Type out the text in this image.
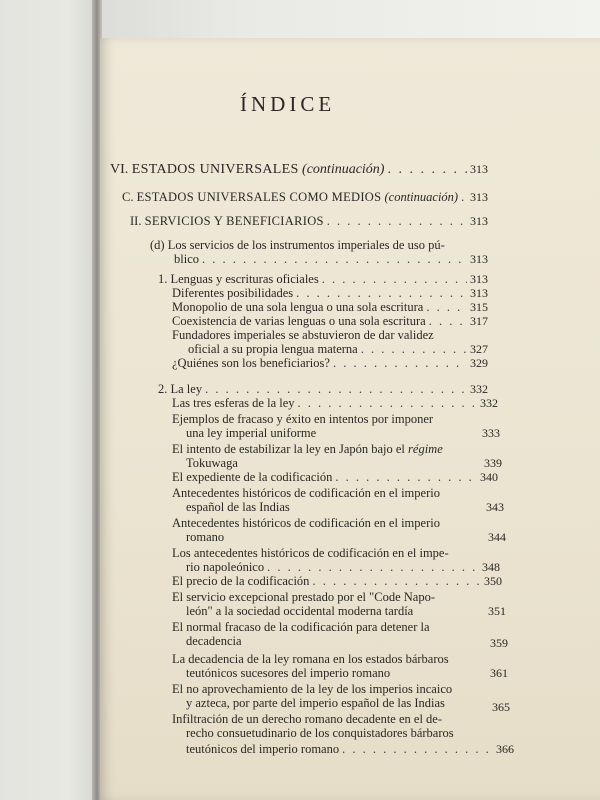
ÍNDICE
VI. ESTADOS UNIVERSALES (continuación) . . .	313
C. ESTADOS UNIVERSALES COMO MEDIOS (continuación) . . . 313
II. SERVICIOS Y BENEFICIARIOS . . .	313
(d) Los servicios de los instrumentos imperiales de uso pú-
blico . . .	313
1. Lenguas y escrituras oficiales . . .	313
Diferentes posibilidades . . .	313
Monopolio de una sola lengua o una sola escritura . . .	315
Coexistencia de varias lenguas o una sola escritura . . .	317
Fundadores imperiales se abstuvieron de dar validez
oficial a su propia lengua materna . . .	327
¿Quiénes son los beneficiarios? . . .	329
2. La ley . . .	332
Las tres esferas de la ley . . .	332
Ejemplos de fracaso y éxito en intentos por imponer
una ley imperial uniforme	333
El intento de estabilizar la ley en Japón bajo el régime
Tokuwaga	339
El expediente de la codificación . . .	340
Antecedentes históricos de codificación en el imperio
español de las Indias	343
Antecedentes históricos de codificación en el imperio
romano	344
Los antecedentes históricos de codificación en el impe-
rio napoleónico . . .	348
El precio de la codificación . . .	350
El servicio excepcional prestado por el "Code Napo-
león" a la sociedad occidental moderna tardía	351
El normal fracaso de la codificación para detener la
decadencia	359
La decadencia de la ley romana en los estados bárbaros
teutónicos sucesores del imperio romano	361
El no aprovechamiento de la ley de los imperios incaico
y azteca, por parte del imperio español de las Indias	365
Infiltración de un derecho romano decadente en el de-
recho consuetudinario de los conquistadores bárbaros
teutónicos del imperio romano . . .	366
